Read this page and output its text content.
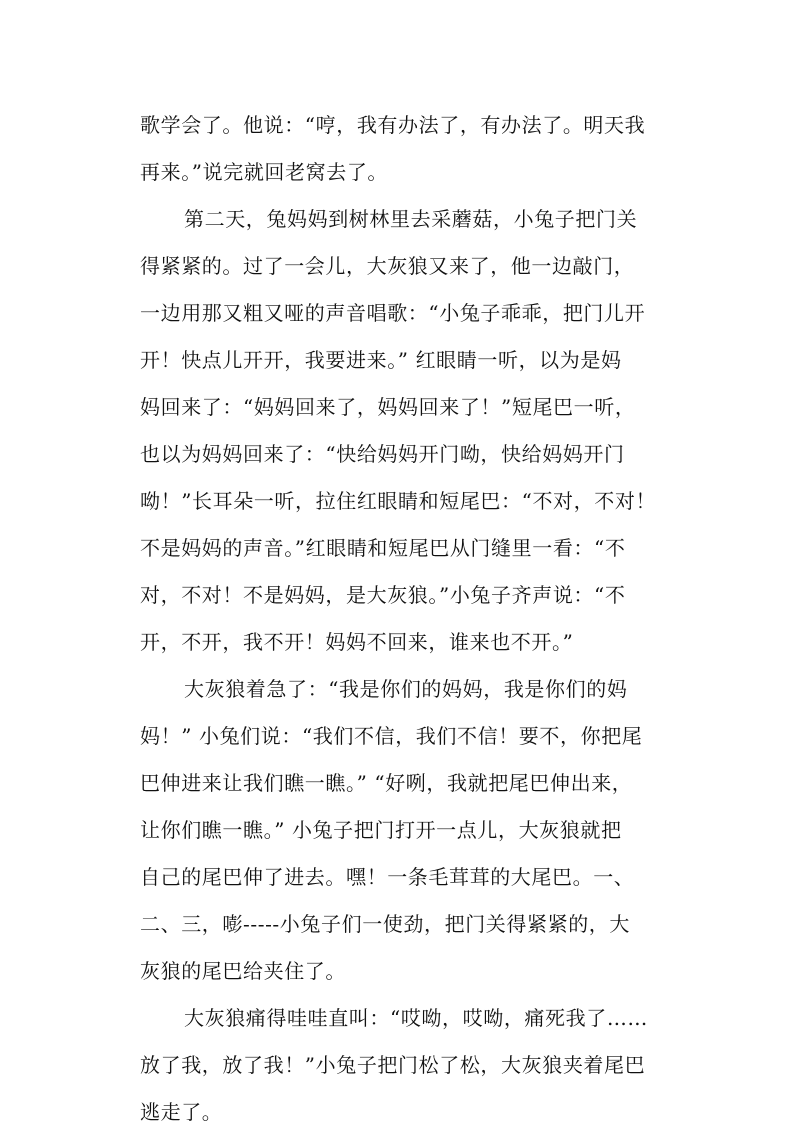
歌学会了。他说：“哼，我有办法了，有办法了。明天我
再来。”说完就回老窝去了。
第二天，兔妈妈到树林里去采蘑菇，小兔子把门关
得紧紧的。过了一会儿，大灰狼又来了，他一边敲门，
一边用那又粗又哑的声音唱歌：“小兔子乖乖，把门儿开
开！快点儿开开，我要进来。” 红眼睛一听，以为是妈
妈回来了：“妈妈回来了，妈妈回来了！”短尾巴一听，
也以为妈妈回来了：“快给妈妈开门呦，快给妈妈开门
呦！”长耳朵一听，拉住红眼睛和短尾巴：“不对，不对！
不是妈妈的声音。”红眼睛和短尾巴从门缝里一看：“不
对，不对！不是妈妈，是大灰狼。”小兔子齐声说：“不
开，不开，我不开！妈妈不回来，谁来也不开。”
大灰狼着急了：“我是你们的妈妈，我是你们的妈
妈！” 小兔们说：“我们不信，我们不信！要不，你把尾
巴伸进来让我们瞧一瞧。” “好咧，我就把尾巴伸出来，
让你们瞧一瞧。” 小兔子把门打开一点儿，大灰狼就把
自己的尾巴伸了进去。嘿！一条毛茸茸的大尾巴。一、
二、三，嘭-----小兔子们一使劲，把门关得紧紧的，大
灰狼的尾巴给夹住了。
大灰狼痛得哇哇直叫：“哎呦，哎呦，痛死我了……
放了我，放了我！”小兔子把门松了松，大灰狼夹着尾巴
逃走了。
